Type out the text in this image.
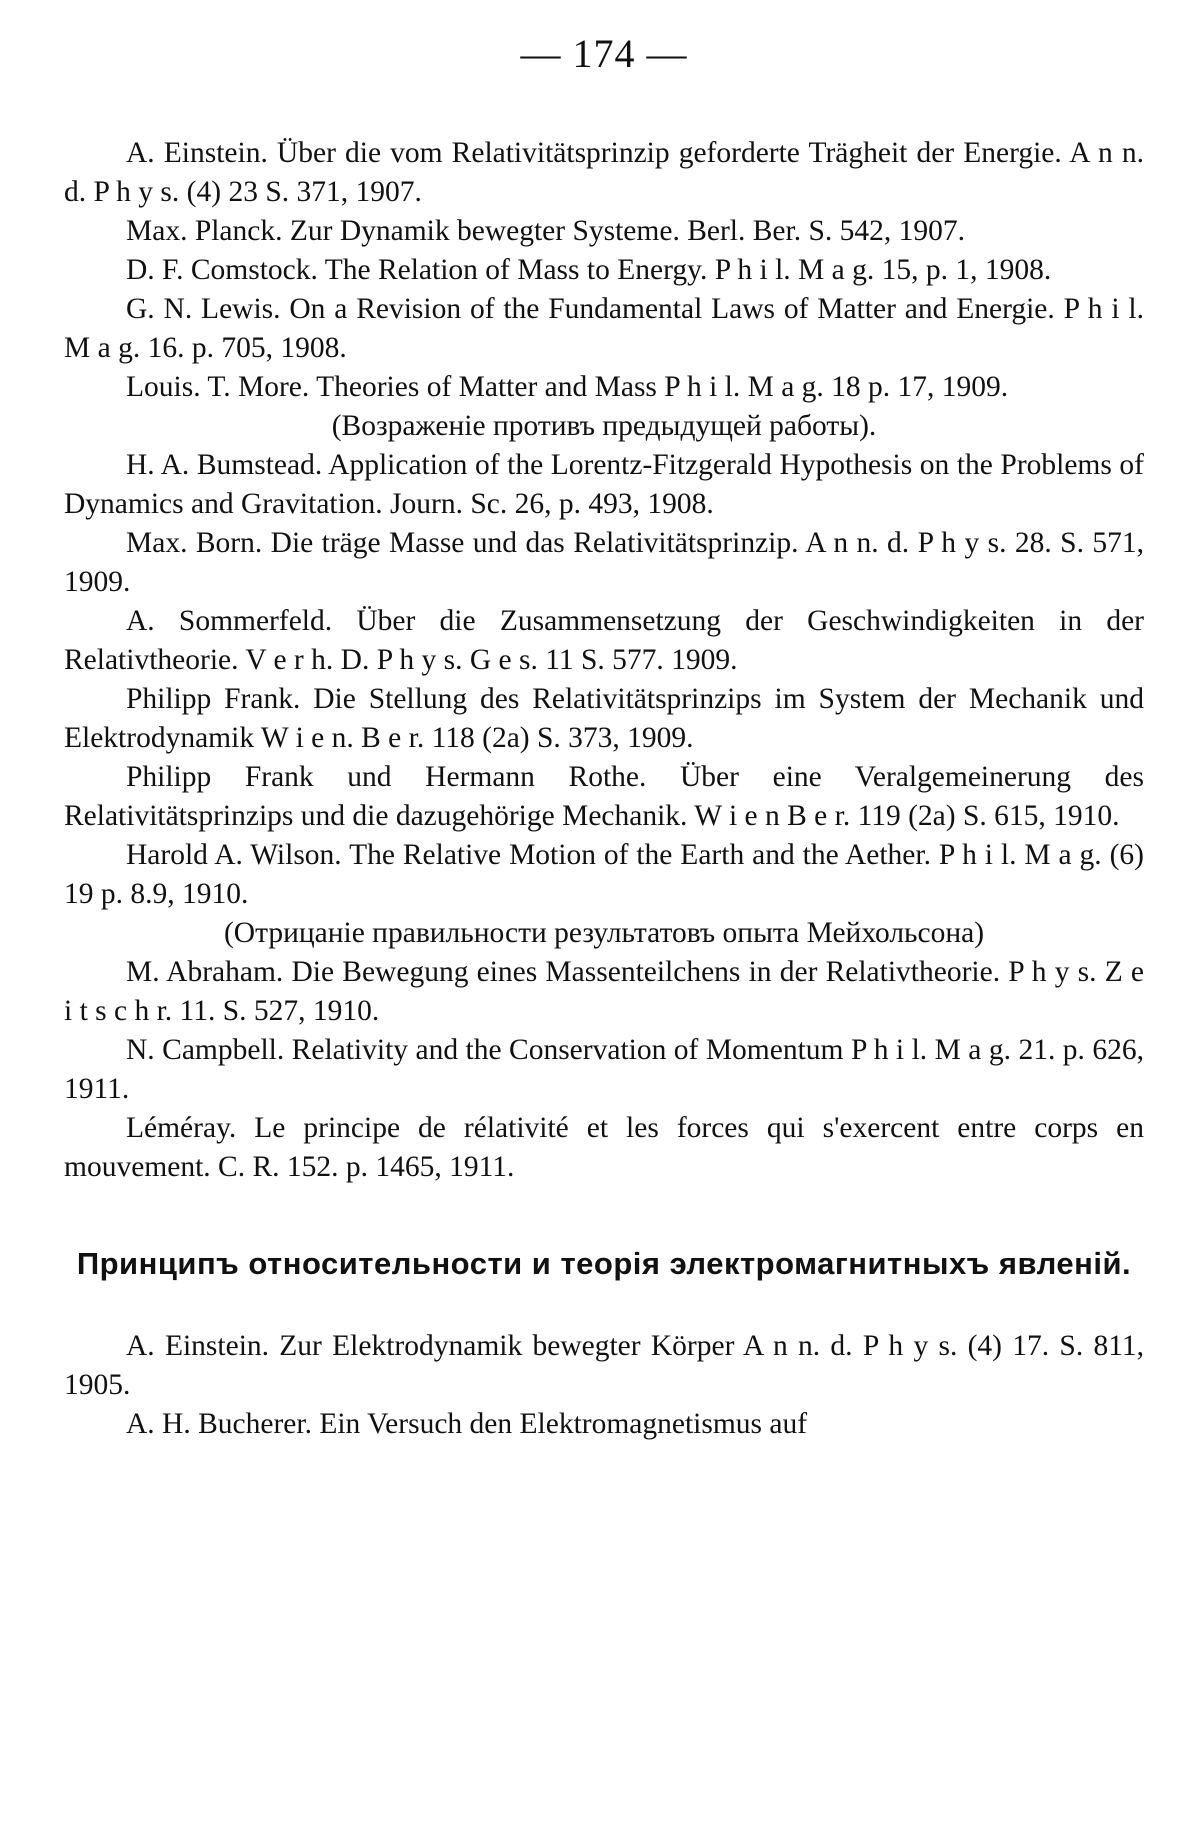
— 174 —

A. Einstein. Über die vom Relativitätsprinzip geforderte Trägheit der Energie. A n n. d. P h y s. (4) 23 S. 371, 1907.

Max. Planck. Zur Dynamik bewegter Systeme. Berl. Ber. S. 542, 1907.

D. F. Comstock. The Relation of Mass to Energy. P h i l. M a g. 15, p. 1, 1908.

G. N. Lewis. On a Revision of the Fundamental Laws of Matter and Energie. P h i l. M a g. 16. p. 705, 1908.

Louis. T. More. Theories of Matter and Mass P h i l. M a g. 18 p. 17, 1909.

(Возраженіе противъ предыдущей работы).

H. A. Bumstead. Application of the Lorentz-Fitzgerald Hypothesis on the Problems of Dynamics and Gravitation. Journ. Sc. 26, p. 493, 1908.

Max. Born. Die träge Masse und das Relativitätsprinzip. A n n. d. P h y s. 28. S. 571, 1909.

A. Sommerfeld. Über die Zusammensetzung der Geschwindigkeiten in der Relativtheorie. V e r h. D. P h y s. G e s. 11 S. 577. 1909.

Philipp Frank. Die Stellung des Relativitätsprinzips im System der Mechanik und Elektrodynamik W i e n. B e r. 118 (2a) S. 373, 1909.

Philipp Frank und Hermann Rothe. Über eine Veralgemeinerung des Relativitätsprinzips und die dazugehörige Mechanik. W i e n B e r. 119 (2a) S. 615, 1910.

Harold A. Wilson. The Relative Motion of the Earth and the Aether. P h i l. M a g. (6) 19 p. 8.9, 1910.

(Отрицаніе правильности результатовъ опыта Мейхольсона)

M. Abraham. Die Bewegung eines Massenteilchens in der Relativtheorie. P h y s. Z e i t s c h r. 11. S. 527, 1910.

N. Campbell. Relativity and the Conservation of Momentum P h i l. M a g. 21. p. 626, 1911.

Léméray. Le principe de rélativité et les forces qui s'exercent entre corps en mouvement. C. R. 152. p. 1465, 1911.

Принципъ относительности и теорія электромагнитныхъ явленій.

A. Einstein. Zur Elektrodynamik bewegter Körper A n n. d. P h y s. (4) 17. S. 811, 1905.

A. H. Bucherer. Ein Versuch den Elektromagnetismus auf
